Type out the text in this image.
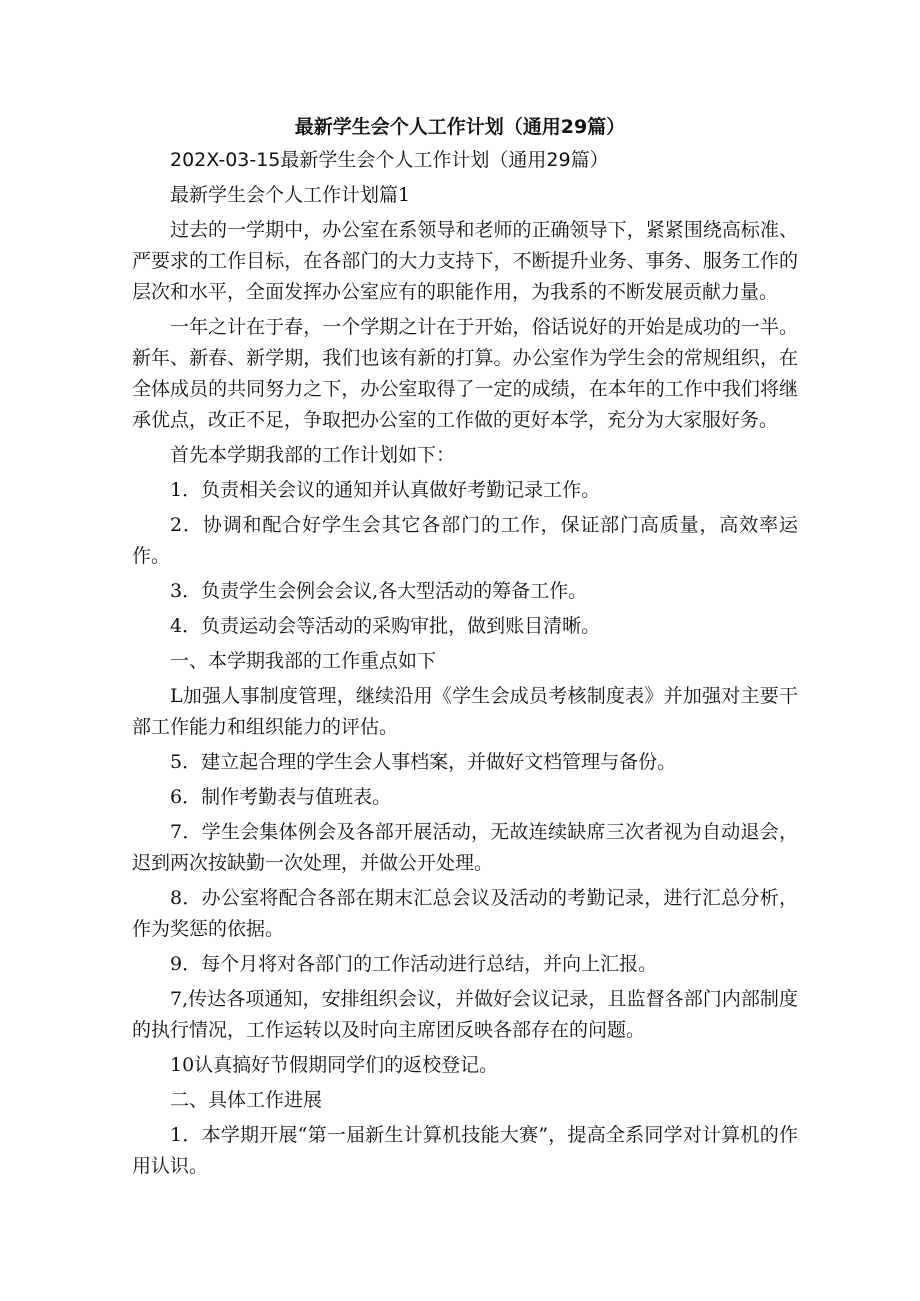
最新学生会个人工作计划（通用29篇）

202X-03-15最新学生会个人工作计划（通用29篇）

最新学生会个人工作计划篇1

过去的一学期中，办公室在系领导和老师的正确领导下，紧紧围绕高标准、严要求的工作目标，在各部门的大力支持下，不断提升业务、事务、服务工作的层次和水平，全面发挥办公室应有的职能作用，为我系的不断发展贡献力量。

一年之计在于春，一个学期之计在于开始，俗话说好的开始是成功的一半。新年、新春、新学期，我们也该有新的打算。办公室作为学生会的常规组织，在全体成员的共同努力之下，办公室取得了一定的成绩，在本年的工作中我们将继承优点，改正不足，争取把办公室的工作做的更好本学，充分为大家服好务。

首先本学期我部的工作计划如下：

1．负责相关会议的通知并认真做好考勤记录工作。

2．协调和配合好学生会其它各部门的工作，保证部门高质量，高效率运作。

3．负责学生会例会会议,各大型活动的筹备工作。

4．负责运动会等活动的采购审批，做到账目清晰。

一、本学期我部的工作重点如下

L加强人事制度管理，继续沿用《学生会成员考核制度表》并加强对主要干部工作能力和组织能力的评估。

5．建立起合理的学生会人事档案，并做好文档管理与备份。

6．制作考勤表与值班表。

7．学生会集体例会及各部开展活动，无故连续缺席三次者视为自动退会，迟到两次按缺勤一次处理，并做公开处理。

8．办公室将配合各部在期末汇总会议及活动的考勤记录，进行汇总分析，作为奖惩的依据。

9．每个月将对各部门的工作活动进行总结，并向上汇报。

7,传达各项通知，安排组织会议，并做好会议记录，且监督各部门内部制度的执行情况，工作运转以及时向主席团反映各部存在的问题。

10认真搞好节假期同学们的返校登记。

二、具体工作进展

1．本学期开展“第一届新生计算机技能大赛”，提高全系同学对计算机的作用认识。
